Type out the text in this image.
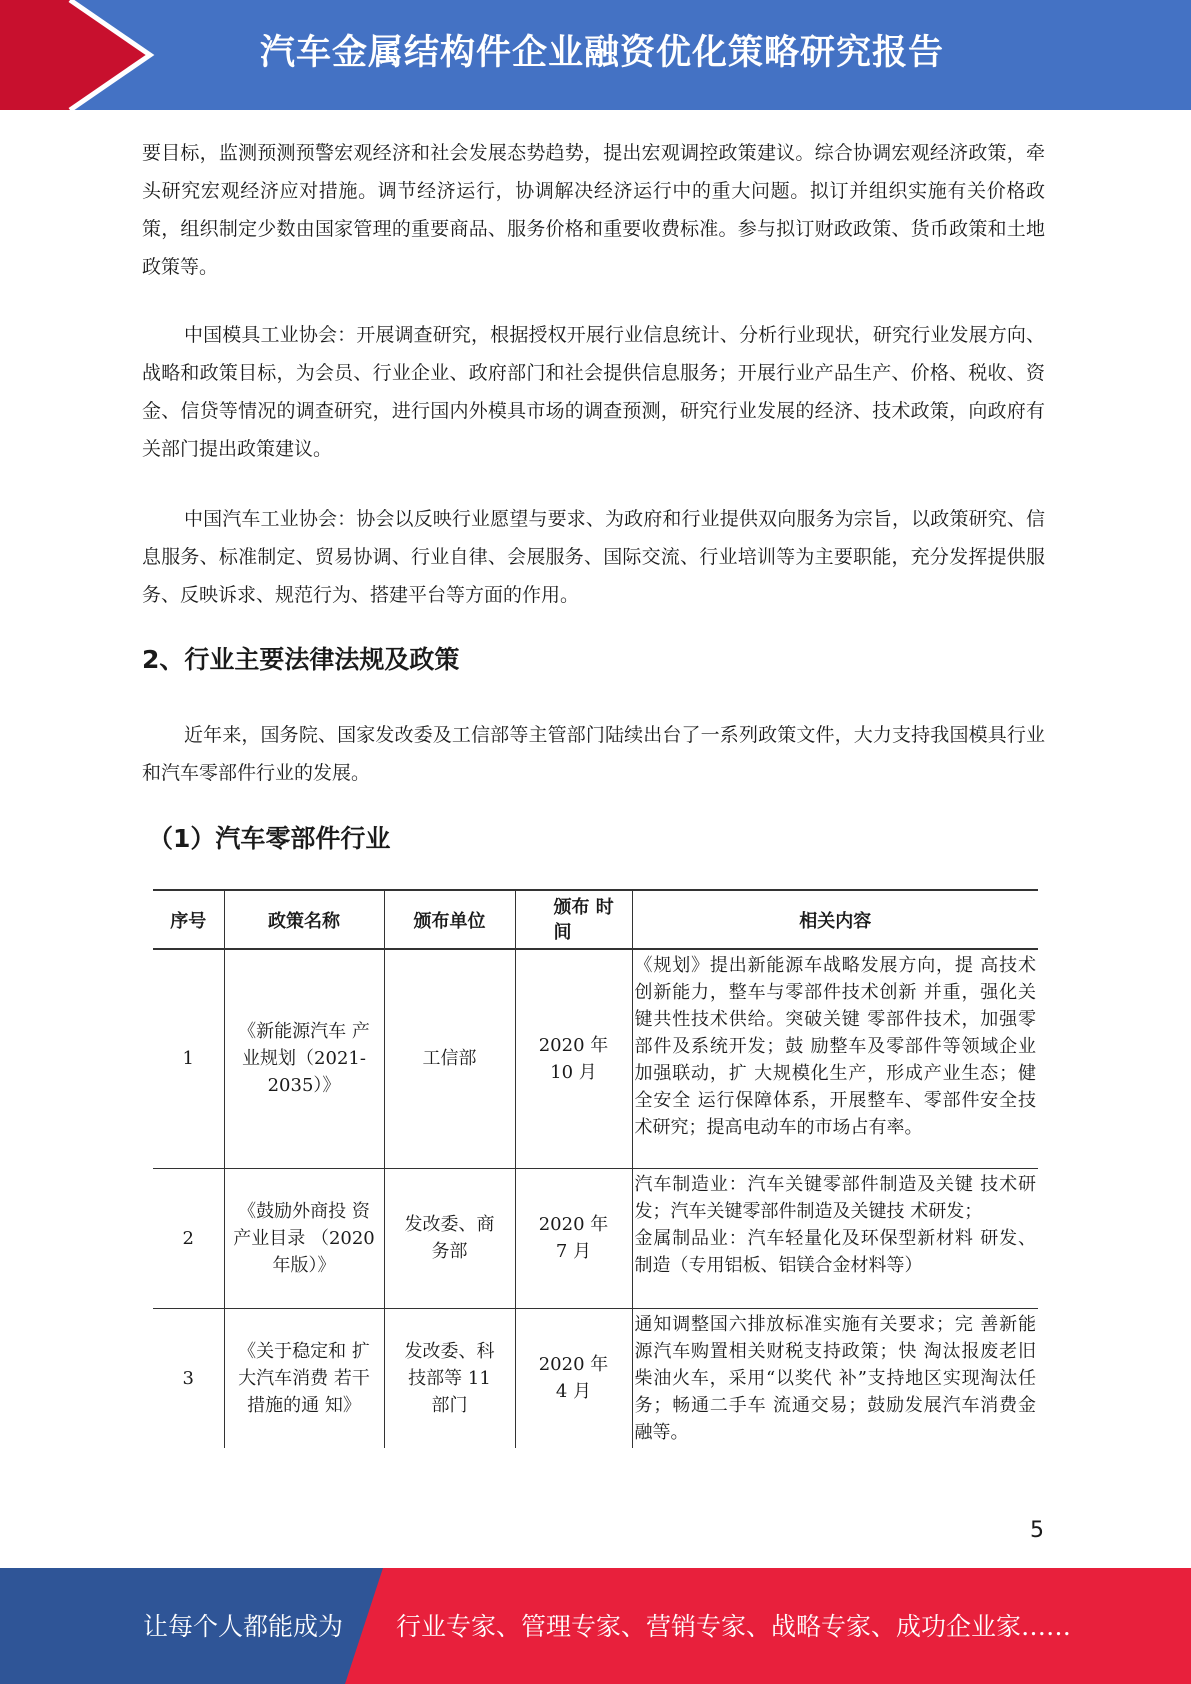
汽车金属结构件企业融资优化策略研究报告

要目标，监测预测预警宏观经济和社会发展态势趋势，提出宏观调控政策建议。综合协调宏观经济政策，牵头研究宏观经济应对措施。调节经济运行，协调解决经济运行中的重大问题。拟订并组织实施有关价格政策，组织制定少数由国家管理的重要商品、服务价格和重要收费标准。参与拟订财政政策、货币政策和土地政策等。

中国模具工业协会：开展调查研究，根据授权开展行业信息统计、分析行业现状，研究行业发展方向、战略和政策目标，为会员、行业企业、政府部门和社会提供信息服务；开展行业产品生产、价格、税收、资金、信贷等情况的调查研究，进行国内外模具市场的调查预测，研究行业发展的经济、技术政策，向政府有关部门提出政策建议。

中国汽车工业协会：协会以反映行业愿望与要求、为政府和行业提供双向服务为宗旨，以政策研究、信息服务、标准制定、贸易协调、行业自律、会展服务、国际交流、行业培训等为主要职能，充分发挥提供服务、反映诉求、规范行为、搭建平台等方面的作用。

2、行业主要法律法规及政策

近年来，国务院、国家发改委及工信部等主管部门陆续出台了一系列政策文件，大力支持我国模具行业和汽车零部件行业的发展。

（1）汽车零部件行业
序号	政策名称	颁布单位	颁布 时间	相关内容
1	《新能源汽车 产业规划（2021-2035）》	工信部	2020 年 10 月	《规划》提出新能源车战略发展方向，提 高技术创新能力，整车与零部件技术创新 并重，强化关键共性技术供给。突破关键 零部件技术，加强零部件及系统开发；鼓 励整车及零部件等领域企业加强联动，扩 大规模化生产，形成产业生态；健全安全 运行保障体系，开展整车、零部件安全技 术研究；提高电动车的市场占有率。
2	《鼓励外商投 资产业目录 （2020 年版）》	发改委、商务部	2020 年 7 月	汽车制造业：汽车关键零部件制造及关键 技术研发；汽车关键零部件制造及关键技 术研发；
金属制品业：汽车轻量化及环保型新材料 研发、制造（专用铝板、铝镁合金材料等）

3	《关于稳定和 扩大汽车消费 若干措施的通 知》	发改委、科技部等 11 部门	2020 年 4 月	通知调整国六排放标准实施有关要求；完 善新能源汽车购置相关财税支持政策；快 淘汰报废老旧柴油火车，采用“以奖代 补”支持地区实现淘汰任务；畅通二手车 流通交易；鼓励发展汽车消费金融等。
5
让每个人都能成为 行业专家、管理专家、营销专家、战略专家、成功企业家……
